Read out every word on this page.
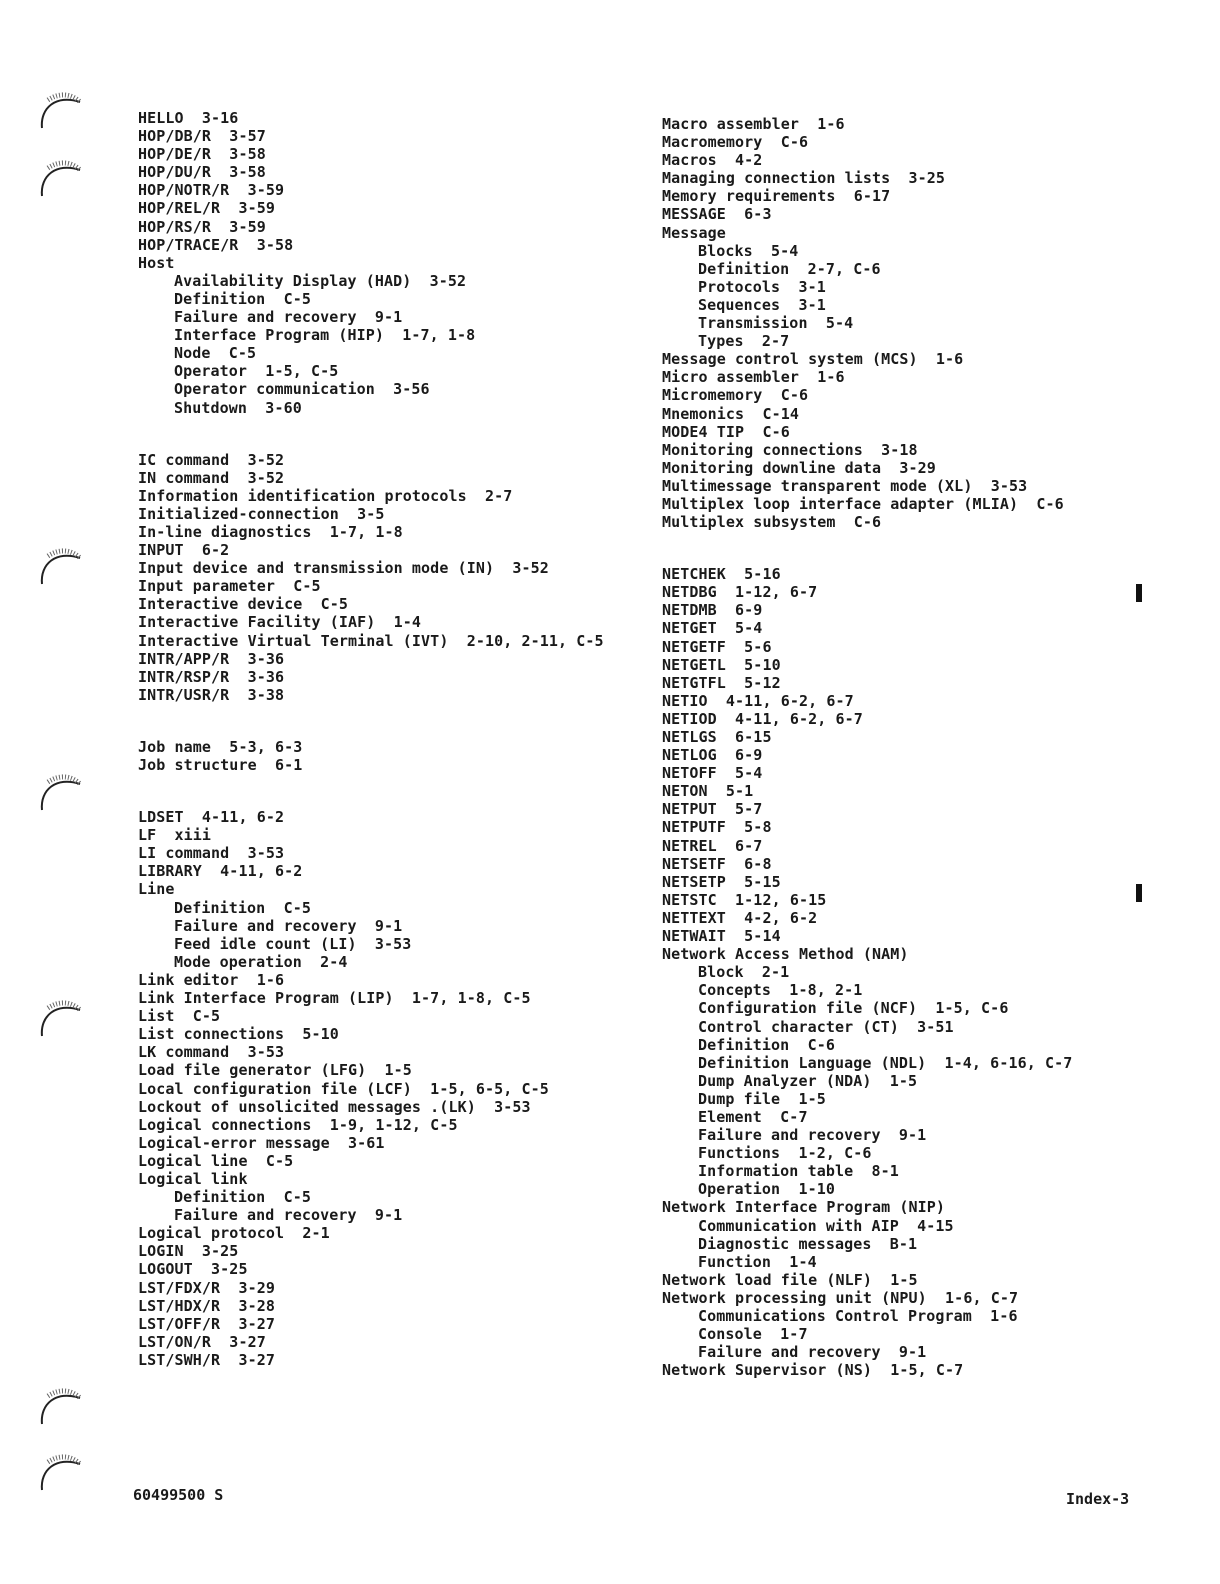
HELLO  3-16
HOP/DB/R  3-57
HOP/DE/R  3-58
HOP/DU/R  3-58
HOP/NOTR/R  3-59
HOP/REL/R  3-59
HOP/RS/R  3-59
HOP/TRACE/R  3-58
Host
Availability Display (HAD)  3-52
Definition  C-5
Failure and recovery  9-1
Interface Program (HIP)  1-7, 1-8
Node  C-5
Operator  1-5, C-5
Operator communication  3-56
Shutdown  3-60
IC command  3-52
IN command  3-52
Information identification protocols  2-7
Initialized-connection  3-5
In-line diagnostics  1-7, 1-8
INPUT  6-2
Input device and transmission mode (IN)  3-52
Input parameter  C-5
Interactive device  C-5
Interactive Facility (IAF)  1-4
Interactive Virtual Terminal (IVT)  2-10, 2-11, C-5
INTR/APP/R  3-36
INTR/RSP/R  3-36
INTR/USR/R  3-38
Job name  5-3, 6-3
Job structure  6-1
LDSET  4-11, 6-2
LF  xiii
LI command  3-53
LIBRARY  4-11, 6-2
Line
Definition  C-5
Failure and recovery  9-1
Feed idle count (LI)  3-53
Mode operation  2-4
Link editor  1-6
Link Interface Program (LIP)  1-7, 1-8, C-5
List  C-5
List connections  5-10
LK command  3-53
Load file generator (LFG)  1-5
Local configuration file (LCF)  1-5, 6-5, C-5
Lockout of unsolicited messages .(LK)  3-53
Logical connections  1-9, 1-12, C-5
Logical-error message  3-61
Logical line  C-5
Logical link
Definition  C-5
Failure and recovery  9-1
Logical protocol  2-1
LOGIN  3-25
LOGOUT  3-25
LST/FDX/R  3-29
LST/HDX/R  3-28
LST/OFF/R  3-27
LST/ON/R  3-27
LST/SWH/R  3-27
Macro assembler  1-6
Macromemory  C-6
Macros  4-2
Managing connection lists  3-25
Memory requirements  6-17
MESSAGE  6-3
Message
Blocks  5-4
Definition  2-7, C-6
Protocols  3-1
Sequences  3-1
Transmission  5-4
Types  2-7
Message control system (MCS)  1-6
Micro assembler  1-6
Micromemory  C-6
Mnemonics  C-14
MODE4 TIP  C-6
Monitoring connections  3-18
Monitoring downline data  3-29
Multimessage transparent mode (XL)  3-53
Multiplex loop interface adapter (MLIA)  C-6
Multiplex subsystem  C-6
NETCHEK  5-16
NETDBG  1-12, 6-7
NETDMB  6-9
NETGET  5-4
NETGETF  5-6
NETGETL  5-10
NETGTFL  5-12
NETIO  4-11, 6-2, 6-7
NETIOD  4-11, 6-2, 6-7
NETLGS  6-15
NETLOG  6-9
NETOFF  5-4
NETON  5-1
NETPUT  5-7
NETPUTF  5-8
NETREL  6-7
NETSETF  6-8
NETSETP  5-15
NETSTC  1-12, 6-15
NETTEXT  4-2, 6-2
NETWAIT  5-14
Network Access Method (NAM)
Block  2-1
Concepts  1-8, 2-1
Configuration file (NCF)  1-5, C-6
Control character (CT)  3-51
Definition  C-6
Definition Language (NDL)  1-4, 6-16, C-7
Dump Analyzer (NDA)  1-5
Dump file  1-5
Element  C-7
Failure and recovery  9-1
Functions  1-2, C-6
Information table  8-1
Operation  1-10
Network Interface Program (NIP)
Communication with AIP  4-15
Diagnostic messages  B-1
Function  1-4
Network load file (NLF)  1-5
Network processing unit (NPU)  1-6, C-7
Communications Control Program  1-6
Console  1-7
Failure and recovery  9-1
Network Supervisor (NS)  1-5, C-7
60499500 S	Index-3
